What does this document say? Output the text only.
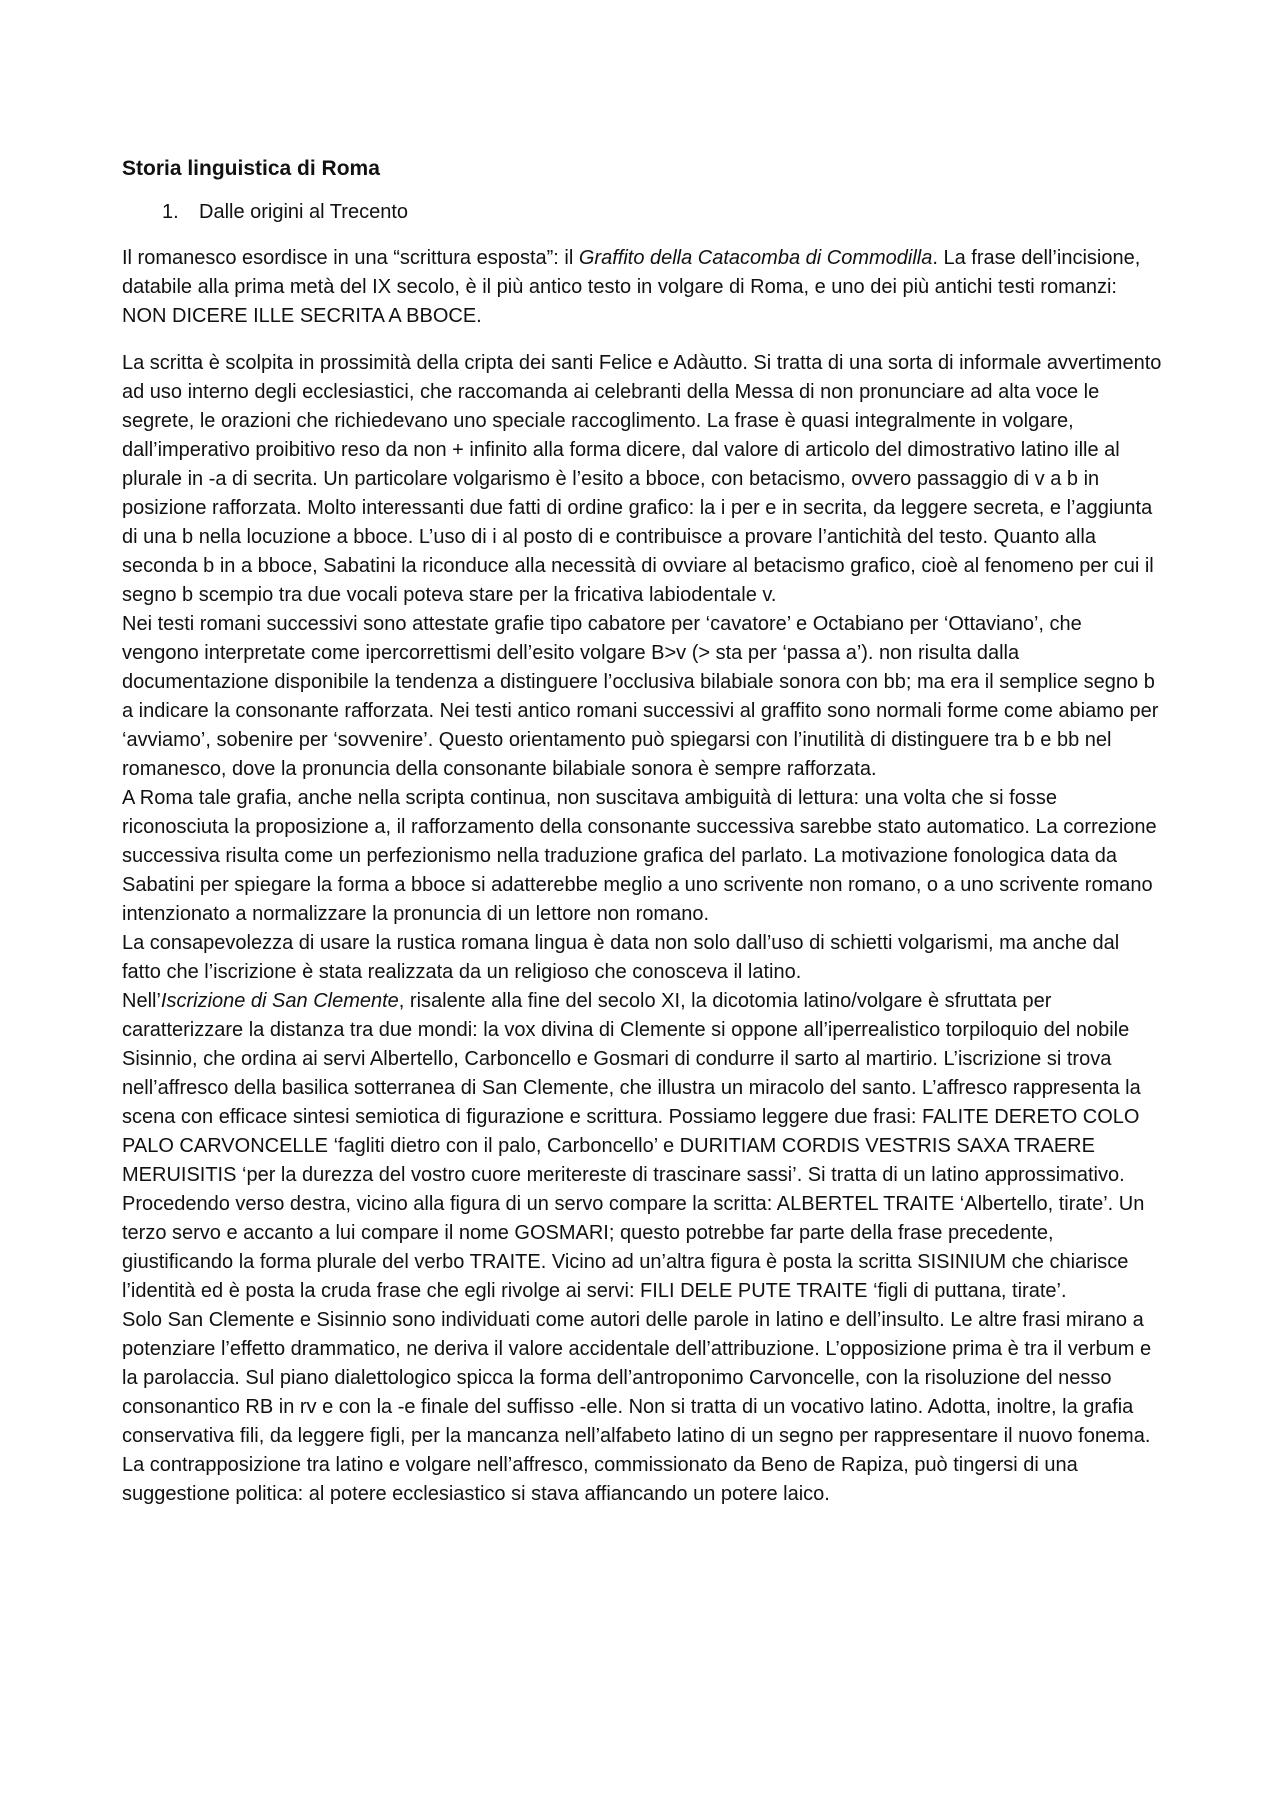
Storia linguistica di Roma
1. Dalle origini al Trecento

Il romanesco esordisce in una “scrittura esposta”: il Graffito della Catacomba di Commodilla. La frase dell’incisione, databile alla prima metà del IX secolo, è il più antico testo in volgare di Roma, e uno dei più antichi testi romanzi: NON DICERE ILLE SECRITA A BBOCE.

La scritta è scolpita in prossimità della cripta dei santi Felice e Adàutto. Si tratta di una sorta di informale avvertimento ad uso interno degli ecclesiastici, che raccomanda ai celebranti della Messa di non pronunciare ad alta voce le segrete, le orazioni che richiedevano uno speciale raccoglimento. La frase è quasi integralmente in volgare, dall’imperativo proibitivo reso da non + infinito alla forma dicere, dal valore di articolo del dimostrativo latino ille al plurale in -a di secrita. Un particolare volgarismo è l’esito a bboce, con betacismo, ovvero passaggio di v a b in posizione rafforzata. Molto interessanti due fatti di ordine grafico: la i per e in secrita, da leggere secreta, e l’aggiunta di una b nella locuzione a bboce. L’uso di i al posto di e contribuisce a provare l’antichità del testo. Quanto alla seconda b in a bboce, Sabatini la riconduce alla necessità di ovviare al betacismo grafico, cioè al fenomeno per cui il segno b scempio tra due vocali poteva stare per la fricativa labiodentale v.

Nei testi romani successivi sono attestate grafie tipo cabatore per ‘cavatore’ e Octabiano per ‘Ottaviano’, che vengono interpretate come ipercorrettismi dell’esito volgare B>v (> sta per ‘passa a’). non risulta dalla documentazione disponibile la tendenza a distinguere l’occlusiva bilabiale sonora con bb; ma era il semplice segno b a indicare la consonante rafforzata. Nei testi antico romani successivi al graffito sono normali forme come abiamo per ‘avviamo’, sobenire per ‘sovvenire’. Questo orientamento può spiegarsi con l’inutilità di distinguere tra b e bb nel romanesco, dove la pronuncia della consonante bilabiale sonora è sempre rafforzata.

A Roma tale grafia, anche nella scripta continua, non suscitava ambiguità di lettura: una volta che si fosse riconosciuta la proposizione a, il rafforzamento della consonante successiva sarebbe stato automatico. La correzione successiva risulta come un perfezionismo nella traduzione grafica del parlato. La motivazione fonologica data da Sabatini per spiegare la forma a bboce si adatterebbe meglio a uno scrivente non romano, o a uno scrivente romano intenzionato a normalizzare la pronuncia di un lettore non romano.

La consapevolezza di usare la rustica romana lingua è data non solo dall’uso di schietti volgarismi, ma anche dal fatto che l’iscrizione è stata realizzata da un religioso che conosceva il latino.

Nell’Iscrizione di San Clemente, risalente alla fine del secolo XI, la dicotomia latino/volgare è sfruttata per caratterizzare la distanza tra due mondi: la vox divina di Clemente si oppone all’iperrealistico torpiloquio del nobile Sisinnio, che ordina ai servi Albertello, Carboncello e Gosmari di condurre il sarto al martirio. L’iscrizione si trova nell’affresco della basilica sotterranea di San Clemente, che illustra un miracolo del santo. L’affresco rappresenta la scena con efficace sintesi semiotica di figurazione e scrittura. Possiamo leggere due frasi: FALITE DERETO COLO PALO CARVONCELLE ‘fagliti dietro con il palo, Carboncello’ e DURITIAM CORDIS VESTRIS SAXA TRAERE MERUISITIS ‘per la durezza del vostro cuore meritereste di trascinare sassi’. Si tratta di un latino approssimativo. Procedendo verso destra, vicino alla figura di un servo compare la scritta: ALBERTEL TRAITE ‘Albertello, tirate’. Un terzo servo e accanto a lui compare il nome GOSMARI; questo potrebbe far parte della frase precedente, giustificando la forma plurale del verbo TRAITE. Vicino ad un’altra figura è posta la scritta SISINIUM che chiarisce l’identità ed è posta la cruda frase che egli rivolge ai servi: FILI DELE PUTE TRAITE ‘figli di puttana, tirate’.

Solo San Clemente e Sisinnio sono individuati come autori delle parole in latino e dell’insulto. Le altre frasi mirano a potenziare l’effetto drammatico, ne deriva il valore accidentale dell’attribuzione. L’opposizione prima è tra il verbum e la parolaccia. Sul piano dialettologico spicca la forma dell’antroponimo Carvoncelle, con la risoluzione del nesso consonantico RB in rv e con la -e finale del suffisso -elle. Non si tratta di un vocativo latino. Adotta, inoltre, la grafia conservativa fili, da leggere figli, per la mancanza nell’alfabeto latino di un segno per rappresentare il nuovo fonema.

La contrapposizione tra latino e volgare nell’affresco, commissionato da Beno de Rapiza, può tingersi di una suggestione politica: al potere ecclesiastico si stava affiancando un potere laico.
